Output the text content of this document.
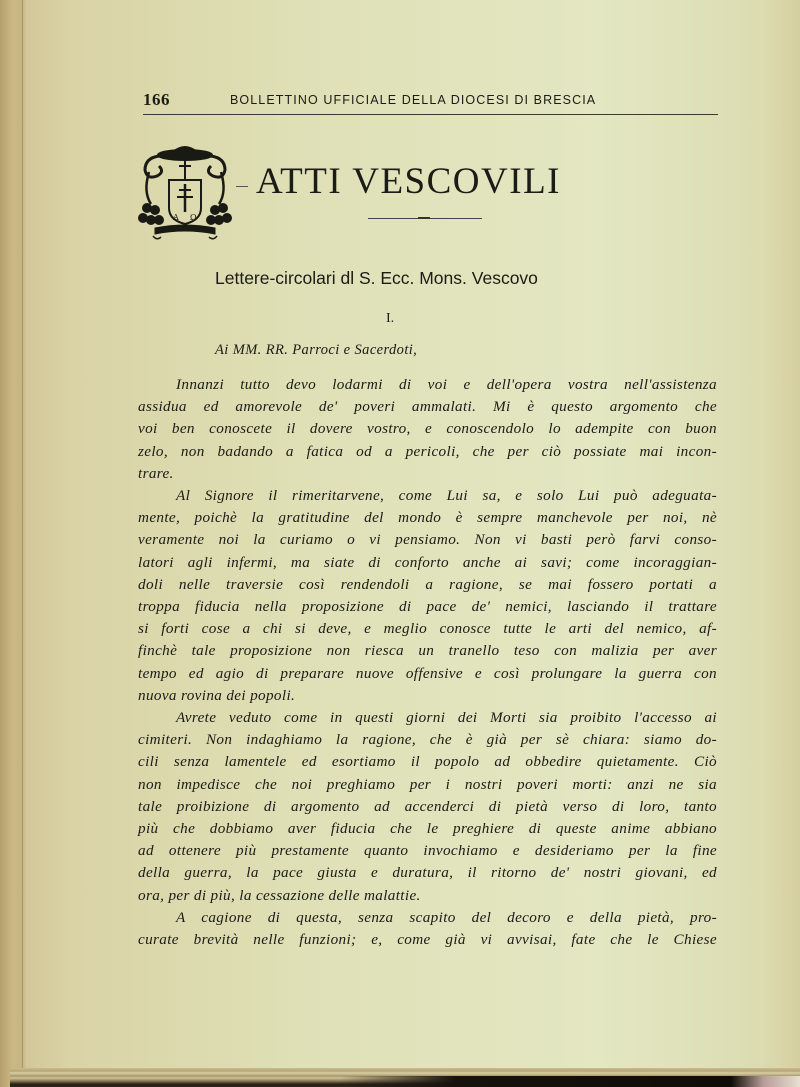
166	BOLLETTINO UFFICIALE DELLA DIOCESI DI BRESCIA
A Ω
ATTI VESCOVILI
Lettere-circolari dl S. Ecc. Mons. Vescovo
I.
Ai MM. RR. Parroci e Sacerdoti,
Innanzi tutto devo lodarmi di voi e dell'opera vostra nell'assistenza
assidua ed amorevole de' poveri ammalati. Mi è questo argomento che
voi ben conoscete il dovere vostro, e conoscendolo lo adempite con buon
zelo, non badando a fatica od a pericoli, che per ciò possiate mai incon-
trare.
Al Signore il rimeritarvene, come Lui sa, e solo Lui può adeguata-
mente, poichè la gratitudine del mondo è sempre manchevole per noi, nè
veramente noi la curiamo o vi pensiamo. Non vi basti però farvi conso-
latori agli infermi, ma siate di conforto anche ai savi; come incoraggian-
doli nelle traversie così rendendoli a ragione, se mai fossero portati a
troppa fiducia nella proposizione di pace de' nemici, lasciando il trattare
si forti cose a chi si deve, e meglio conosce tutte le arti del nemico, af-
finchè tale proposizione non riesca un tranello teso con malizia per aver
tempo ed agio di preparare nuove offensive e così prolungare la guerra con
nuova rovina dei popoli.
Avrete veduto come in questi giorni dei Morti sia proibito l'accesso ai
cimiteri. Non indaghiamo la ragione, che è già per sè chiara: siamo do-
cili senza lamentele ed esortiamo il popolo ad obbedire quietamente. Ciò
non impedisce che noi preghiamo per i nostri poveri morti: anzi ne sia
tale proibizione di argomento ad accenderci di pietà verso di loro, tanto
più che dobbiamo aver fiducia che le preghiere di queste anime abbiano
ad ottenere più prestamente quanto invochiamo e desideriamo per la fine
della guerra, la pace giusta e duratura, il ritorno de' nostri giovani, ed
ora, per di più, la cessazione delle malattie.
A cagione di questa, senza scapito del decoro e della pietà, pro-
curate brevità nelle funzioni; e, come già vi avvisai, fate che le Chiese
